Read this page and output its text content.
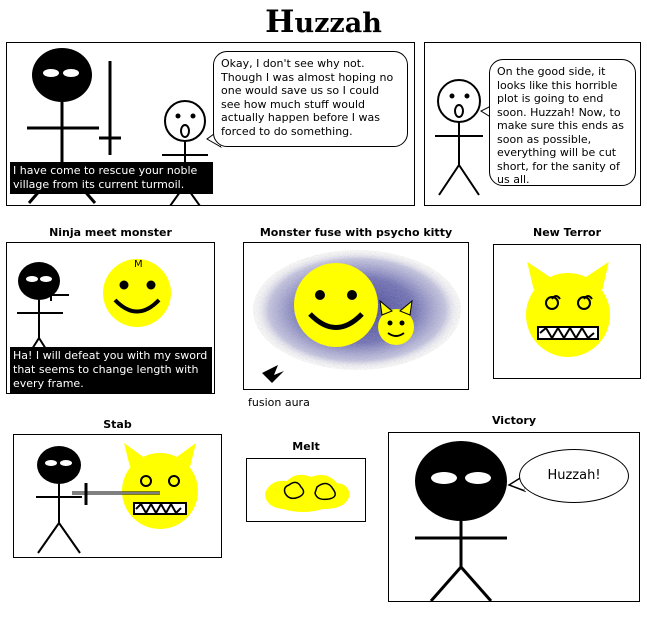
Huzzah
Okay, I don't see why not. Though I was almost hoping no one would save us so I could see how much stuff would actually happen before I was forced to do something.
I have come to rescue your noble village from its current turmoil.
On the good side, it looks like this horrible plot is going to end soon. Huzzah! Now, to make sure this ends as soon as possible, everything will be cut short, for the sanity of us all.
Ninja meet monster
M
Ha! I will defeat you with my sword that seems to change length with every frame.
Monster fuse with psycho kitty
fusion aura
New Terror
Stab
Melt
Victory
Huzzah!
